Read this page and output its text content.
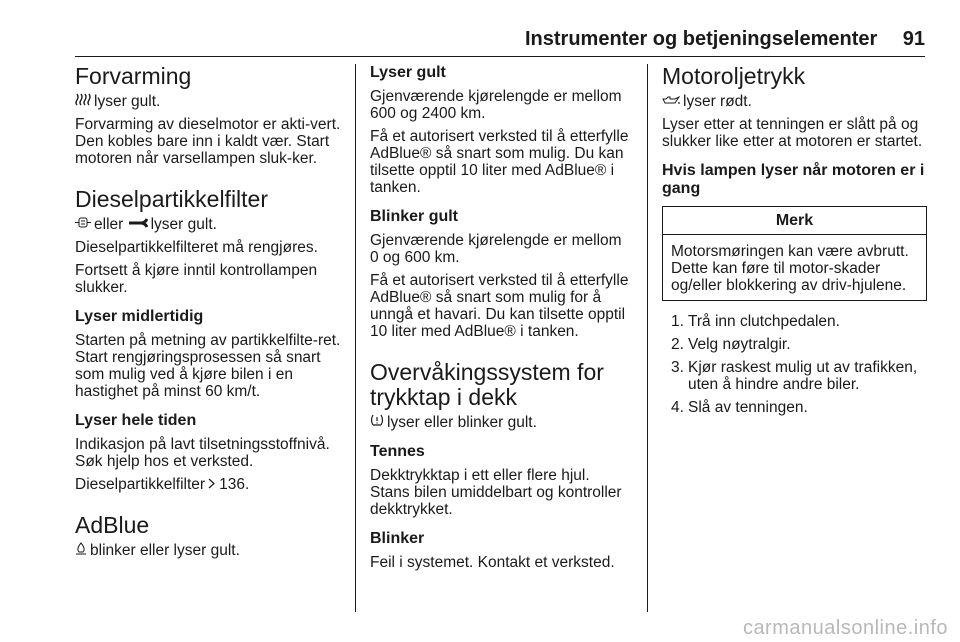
Instrumenter og betjeningselementer 91
Forvarming

lyser gult.

Forvarming av dieselmotor er akti-vert. Den kobles bare inn i kaldt vær. Start motoren når varsellampen sluk-ker.

Dieselpartikkelfilter

eller lyser gult.

Dieselpartikkelfilteret må rengjøres.

Fortsett å kjøre inntil kontrollampen slukker.

Lyser midlertidig

Starten på metning av partikkelfilte-ret. Start rengjøringsprosessen så snart som mulig ved å kjøre bilen i en hastighet på minst 60 km/t.

Lyser hele tiden

Indikasjon på lavt tilsetningsstoffnivå. Søk hjelp hos et verksted.

Dieselpartikkelfilter 136.

AdBlue

blinker eller lyser gult.

Lyser gult

Gjenværende kjørelengde er mellom 600 og 2400 km.

Få et autorisert verksted til å etterfylle AdBlue® så snart som mulig. Du kan tilsette opptil 10 liter med AdBlue® i tanken.

Blinker gult

Gjenværende kjørelengde er mellom 0 og 600 km.

Få et autorisert verksted til å etterfylle AdBlue® så snart som mulig for å unngå et havari. Du kan tilsette opptil 10 liter med AdBlue® i tanken.

Overvåkingssystem for trykktap i dekk

lyser eller blinker gult.

Tennes

Dekktrykktap i ett eller flere hjul. Stans bilen umiddelbart og kontroller dekktrykket.

Blinker

Feil i systemet. Kontakt et verksted.

Motoroljetrykk

lyser rødt.

Lyser etter at tenningen er slått på og slukker like etter at motoren er startet.

Hvis lampen lyser når motoren er i gang
Merk
Motorsmøringen kan være avbrutt. Dette kan føre til motor-skader og/eller blokkering av driv-hjulene.
1. Trå inn clutchpedalen.
2. Velg nøytralgir.
3. Kjør raskest mulig ut av trafikken, uten å hindre andre biler.
4. Slå av tenningen.
carmanualsonline.info
